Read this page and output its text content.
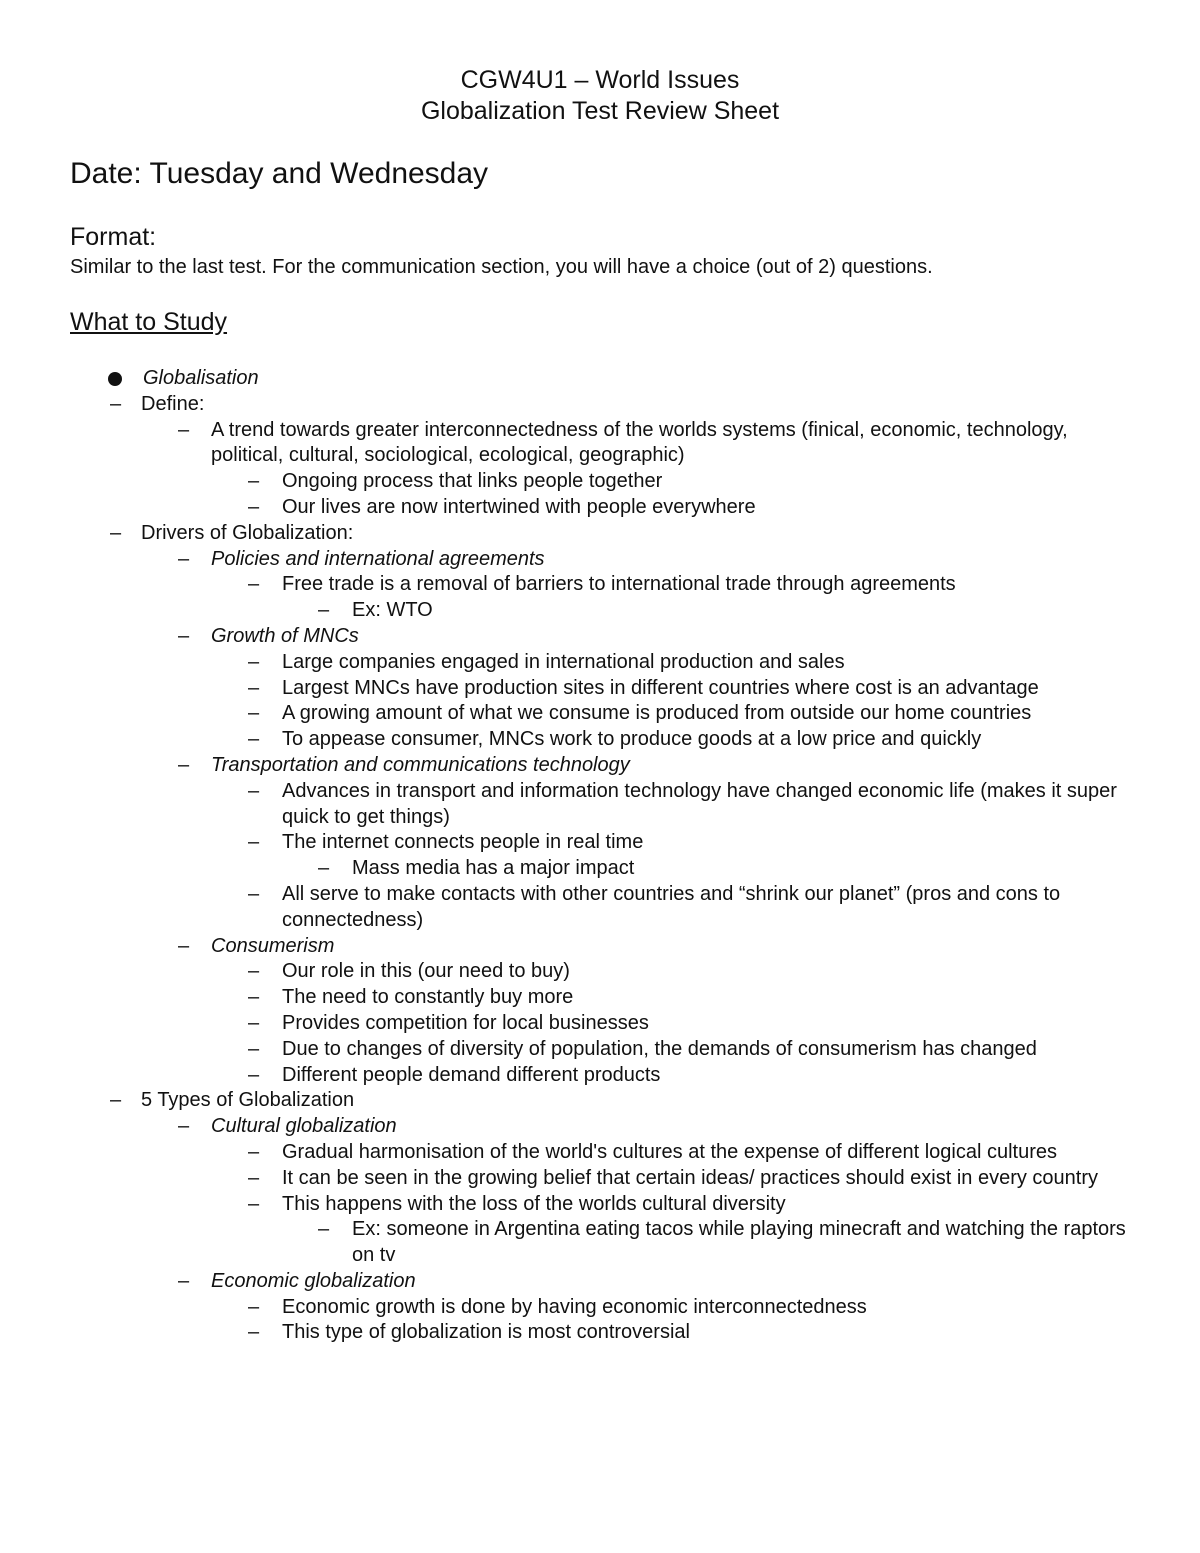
CGW4U1 – World Issues
Globalization Test Review Sheet
Date: Tuesday and Wednesday
Format:
Similar to the last test. For the communication section, you will have a choice (out of 2) questions.
What to Study
Globalisation
– Define:
– A trend towards greater interconnectedness of the worlds systems (finical, economic, technology, political, cultural, sociological, ecological, geographic)
– Ongoing process that links people together
– Our lives are now intertwined with people everywhere
– Drivers of Globalization:
– Policies and international agreements
– Free trade is a removal of barriers to international trade through agreements
– Ex: WTO
– Growth of MNCs
– Large companies engaged in international production and sales
– Largest MNCs have production sites in different countries where cost is an advantage
– A growing amount of what we consume is produced from outside our home countries
– To appease consumer, MNCs work to produce goods at a low price and quickly
– Transportation and communications technology
– Advances in transport and information technology have changed economic life (makes it super quick to get things)
– The internet connects people in real time
– Mass media has a major impact
– All serve to make contacts with other countries and “shrink our planet” (pros and cons to connectedness)
– Consumerism
– Our role in this (our need to buy)
– The need to constantly buy more
– Provides competition for local businesses
– Due to changes of diversity of population, the demands of consumerism has changed
– Different people demand different products
– 5 Types of Globalization
– Cultural globalization
– Gradual harmonisation of the world's cultures at the expense of different logical cultures
– It can be seen in the growing belief that certain ideas/ practices should exist in every country
– This happens with the loss of the worlds cultural diversity
– Ex: someone in Argentina eating tacos while playing minecraft and watching the raptors on tv
– Economic globalization
– Economic growth is done by having economic interconnectedness
– This type of globalization is most controversial
